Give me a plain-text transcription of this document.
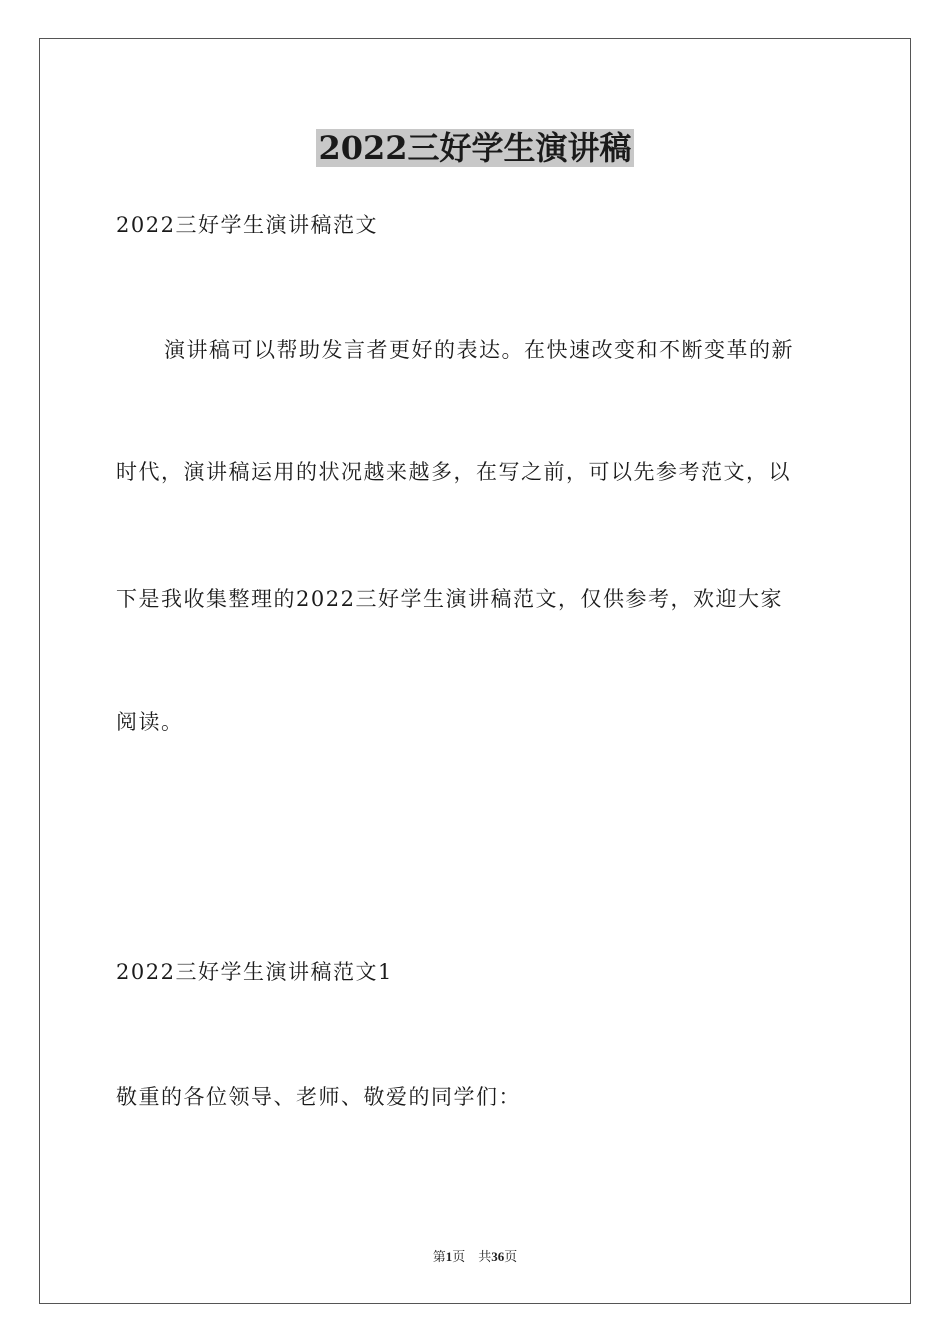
2022三好学生演讲稿
2022三好学生演讲稿范文
演讲稿可以帮助发言者更好的表达。在快速改变和不断变革的新
时代，演讲稿运用的状况越来越多，在写之前，可以先参考范文，以
下是我收集整理的2022三好学生演讲稿范文，仅供参考，欢迎大家
阅读。
2022三好学生演讲稿范文1
敬重的各位领导、老师、敬爱的同学们：
第1页 共36页
